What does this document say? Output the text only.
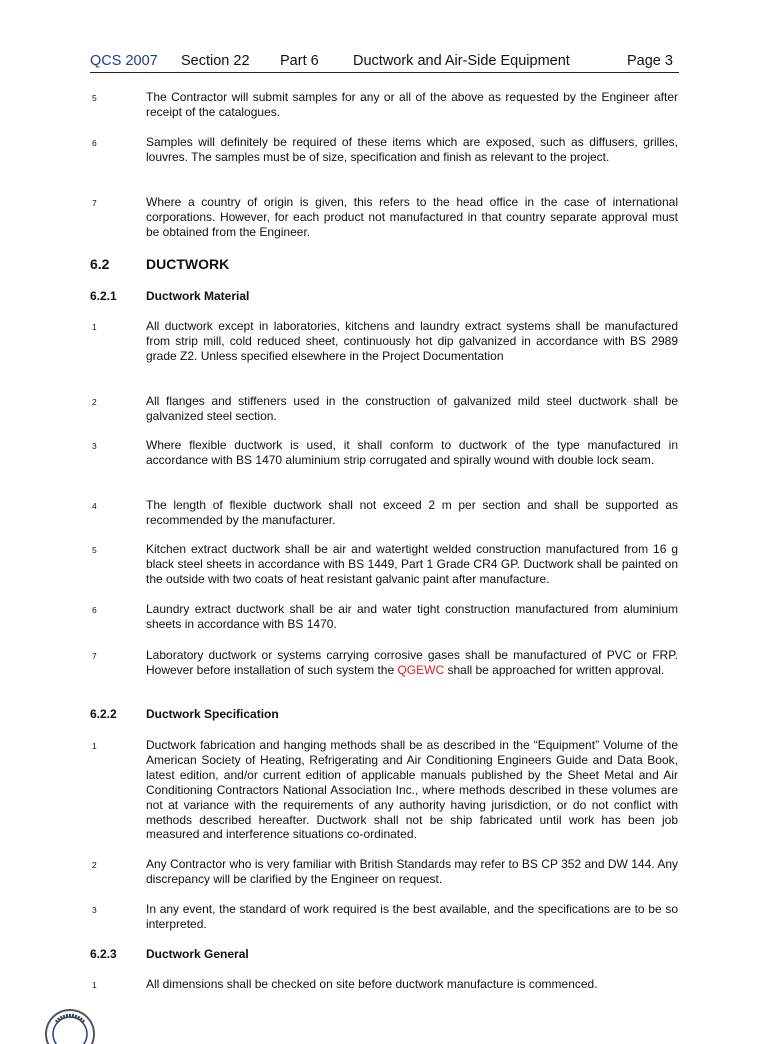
QCS 2007 Section 22 Part 6 Ductwork and Air-Side Equipment	Page 3
5	The Contractor will submit samples for any or all of the above as requested by the Engineer after receipt of the catalogues.
6	Samples will definitely be required of these items which are exposed, such as diffusers, grilles, louvres. The samples must be of size, specification and finish as relevant to the project.
7	Where a country of origin is given, this refers to the head office in the case of international corporations. However, for each product not manufactured in that country separate approval must be obtained from the Engineer.
6.2	DUCTWORK
6.2.1 Ductwork Material
1	All ductwork except in laboratories, kitchens and laundry extract systems shall be manufactured from strip mill, cold reduced sheet, continuously hot dip galvanized in accordance with BS 2989 grade Z2. Unless specified elsewhere in the Project Documentation
2	All flanges and stiffeners used in the construction of galvanized mild steel ductwork shall be galvanized steel section.
3	Where flexible ductwork is used, it shall conform to ductwork of the type manufactured in accordance with BS 1470 aluminium strip corrugated and spirally wound with double lock seam.
4	The length of flexible ductwork shall not exceed 2 m per section and shall be supported as recommended by the manufacturer.
5	Kitchen extract ductwork shall be air and watertight welded construction manufactured from 16 g black steel sheets in accordance with BS 1449, Part 1 Grade CR4 GP. Ductwork shall be painted on the outside with two coats of heat resistant galvanic paint after manufacture.
6	Laundry extract ductwork shall be air and water tight construction manufactured from aluminium sheets in accordance with BS 1470.
7	Laboratory ductwork or systems carrying corrosive gases shall be manufactured of PVC or FRP. However before installation of such system the QGEWC shall be approached for written approval.
6.2.2 Ductwork Specification
1	Ductwork fabrication and hanging methods shall be as described in the “Equipment” Volume of the American Society of Heating, Refrigerating and Air Conditioning Engineers Guide and Data Book, latest edition, and/or current edition of applicable manuals published by the Sheet Metal and Air Conditioning Contractors National Association Inc., where methods described in these volumes are not at variance with the requirements of any authority having jurisdiction, or do not conflict with methods described hereafter. Ductwork shall not be ship fabricated until work has been job measured and interference situations co-ordinated.
2	Any Contractor who is very familiar with British Standards may refer to BS CP 352 and DW 144. Any discrepancy will be clarified by the Engineer on request.
3	In any event, the standard of work required is the best available, and the specifications are to be so interpreted.
6.2.3 Ductwork General
1	All dimensions shall be checked on site before ductwork manufacture is commenced.
